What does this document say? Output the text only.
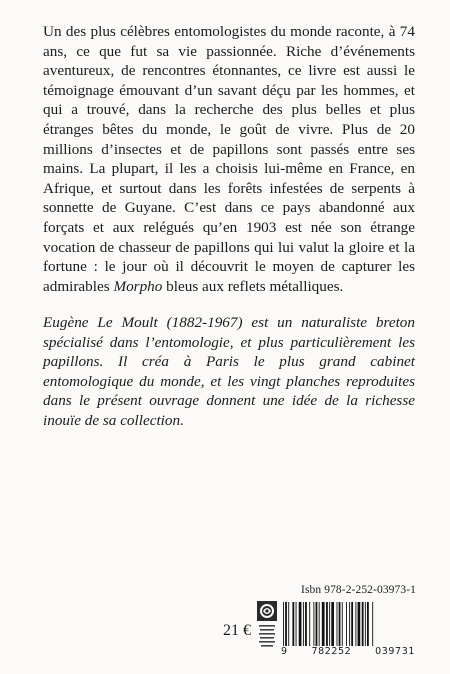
Un des plus célèbres entomologistes du monde raconte, à 74 ans, ce que fut sa vie passionnée. Riche d’événements aventureux, de rencontres étonnantes, ce livre est aussi le témoignage émouvant d’un savant déçu par les hommes, et qui a trouvé, dans la recherche des plus belles et plus étranges bêtes du monde, le goût de vivre. Plus de 20 millions d’insectes et de papillons sont passés entre ses mains. La plupart, il les a choisis lui-même en France, en Afrique, et surtout dans les forêts infestées de serpents à sonnette de Guyane. C’est dans ce pays abandonné aux forçats et aux relégués qu’en 1903 est née son étrange vocation de chasseur de papillons qui lui valut la gloire et la fortune : le jour où il découvrit le moyen de capturer les admirables Morpho bleus aux reflets métalliques.

Eugène Le Moult (1882-1967) est un naturaliste breton spécialisé dans l’entomologie, et plus particulièrement les papillons. Il créa à Paris le plus grand cabinet entomologique du monde, et les vingt planches reproduites dans le présent ouvrage donnent une idée de la richesse inouïe de sa collection.

Isbn 978-2-252-03973-1
21 €
9	782252	039731
